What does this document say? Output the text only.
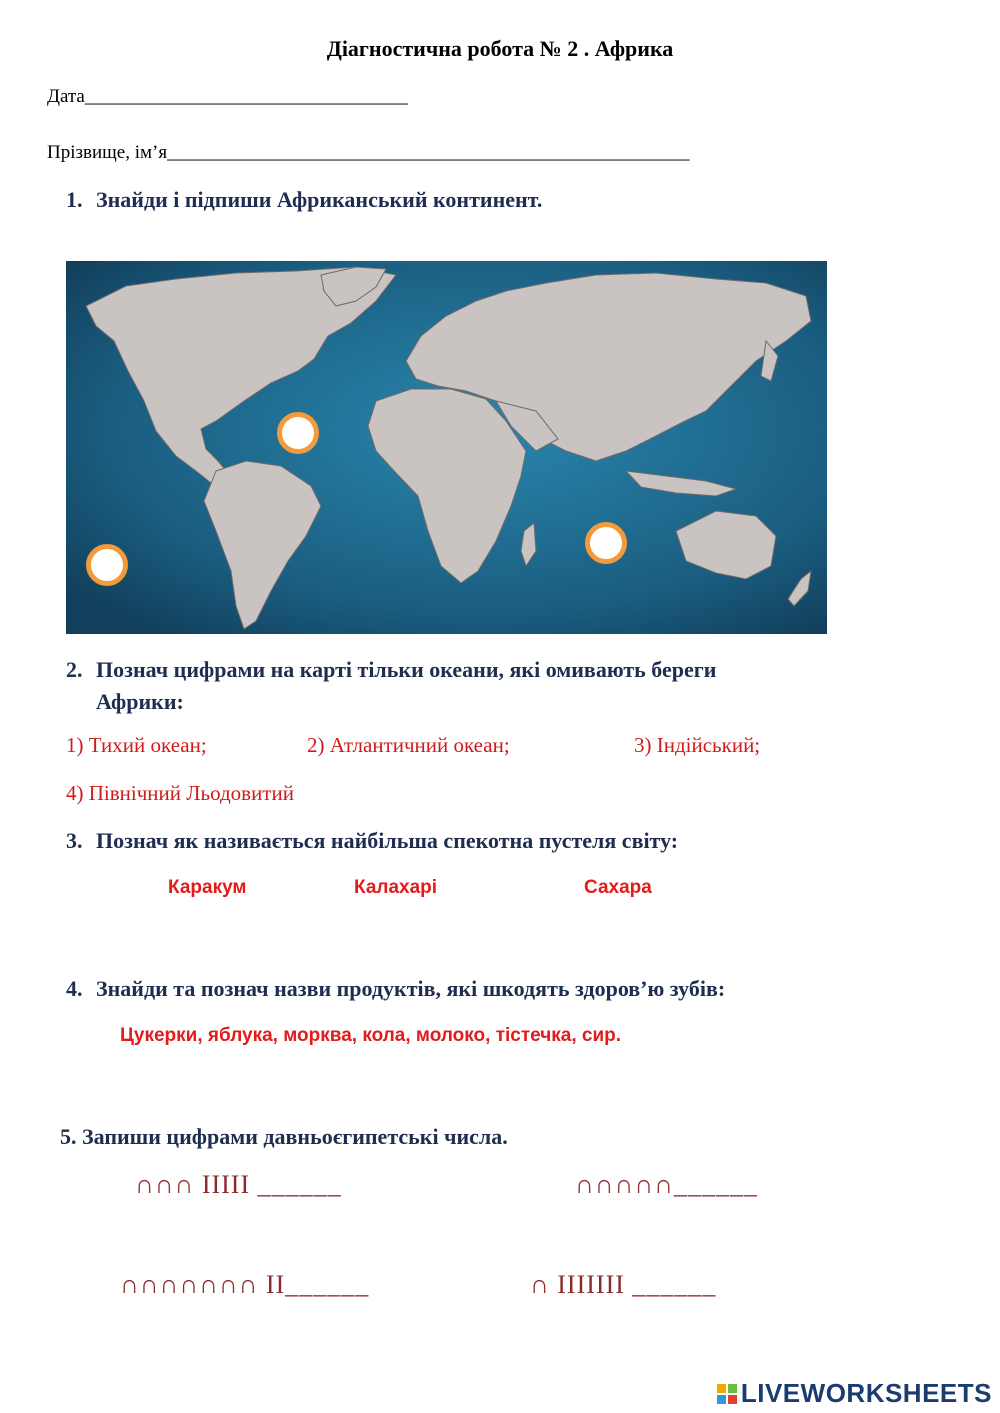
Діагностична робота № 2 . Африка
Дата__________________________________
Прізвище, ім’я_______________________________________________________
1. Знайди і підпиши Африканський континент.
2. Познач цифрами на карті тільки океани, які омивають береги
Африки:
1) Тихий океан;	2) Атлантичний океан;	3) Індійський;
4) Північний Льодовитий
3. Познач як називається найбільша спекотна пустеля світу:
Каракум	Калахарі	Сахара
4. Знайди та познач назви продуктів, які шкодять здоров’ю зубів:
Цукерки, яблука, морква, кола, молоко, тістечка, сир.
5. Запиши цифрами давньоєгипетські числа.
∩∩∩ IIIII ______	∩∩∩∩∩______
∩∩∩∩∩∩∩ II______	∩ IIIIIII ______
LIVEWORKSHEETS
